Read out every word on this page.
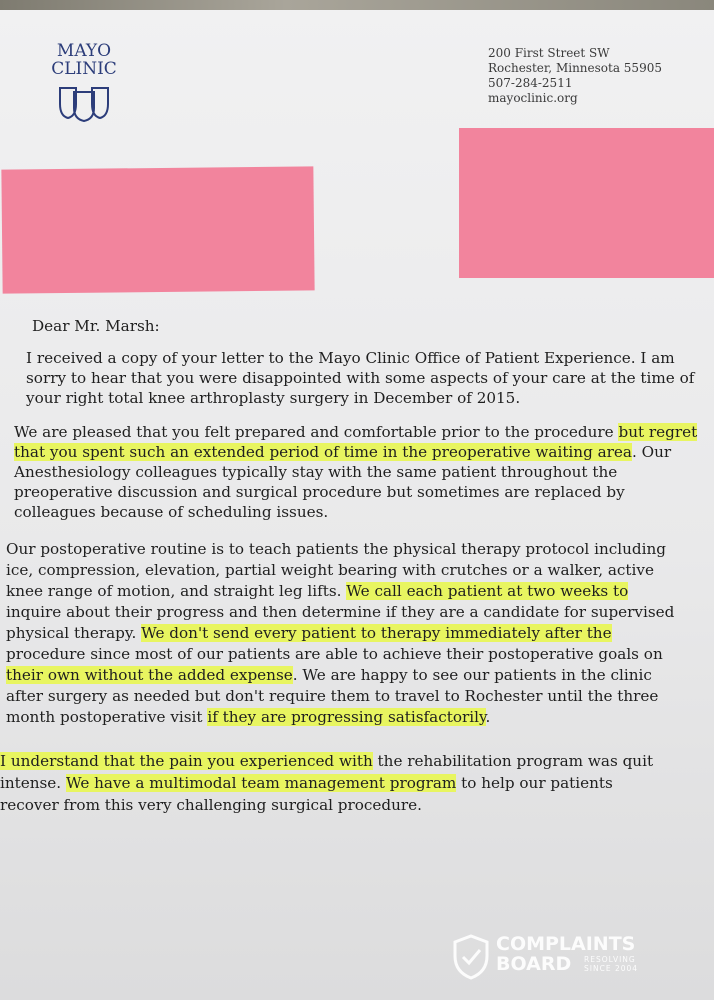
MAYO
CLINIC
200 First Street SW
Rochester, Minnesota 55905
507-284-2511
mayoclinic.org
Dear Mr. Marsh:
I received a copy of your letter to the Mayo Clinic Office of Patient Experience. I am
sorry to hear that you were disappointed with some aspects of your care at the time of
your right total knee arthroplasty surgery in December of 2015.
We are pleased that you felt prepared and comfortable prior to the procedure but regret
that you spent such an extended period of time in the preoperative waiting area. Our
Anesthesiology colleagues typically stay with the same patient throughout the
preoperative discussion and surgical procedure but sometimes are replaced by
colleagues because of scheduling issues.
Our postoperative routine is to teach patients the physical therapy protocol including
ice, compression, elevation, partial weight bearing with crutches or a walker, active
knee range of motion, and straight leg lifts. We call each patient at two weeks to
inquire about their progress and then determine if they are a candidate for supervised
physical therapy. We don't send every patient to therapy immediately after the
procedure since most of our patients are able to achieve their postoperative goals on
their own without the added expense. We are happy to see our patients in the clinic
after surgery as needed but don't require them to travel to Rochester until the three
month postoperative visit if they are progressing satisfactorily.
I understand that the pain you experienced with the rehabilitation program was quit
intense. We have a multimodal team management program to help our patients
recover from this very challenging surgical procedure.
COMPLAINTS
BOARD	RESOLVING
SINCE 2004
